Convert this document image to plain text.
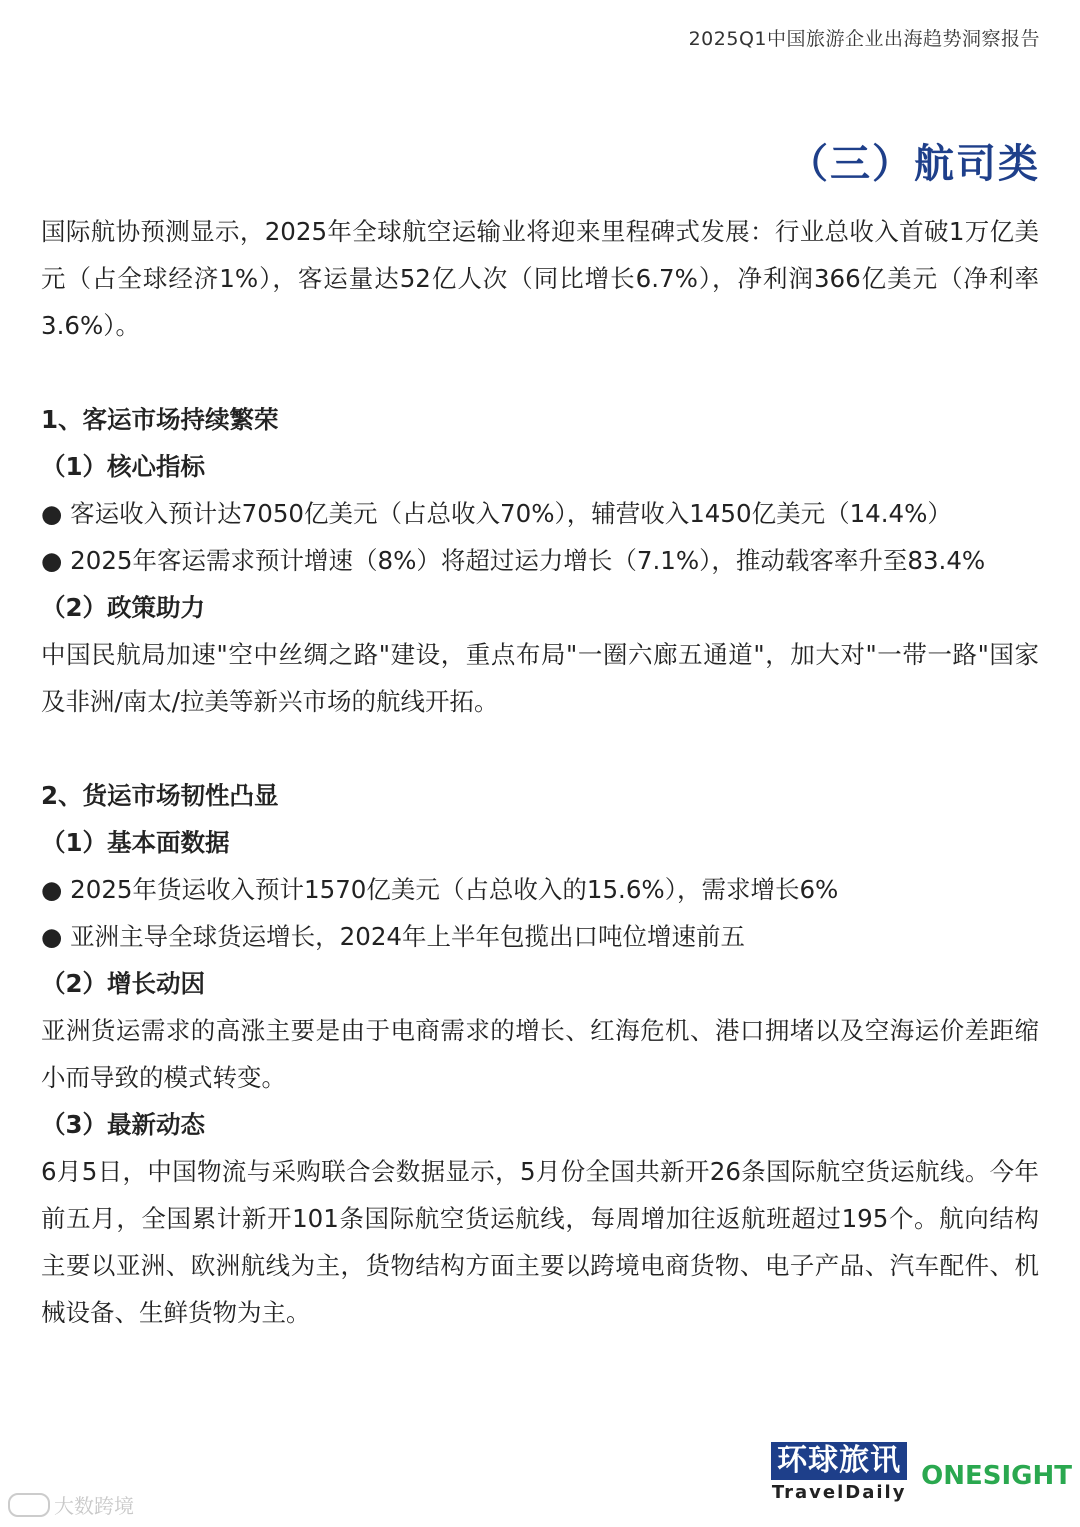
2025Q1中国旅游企业出海趋势洞察报告
（三）航司类

国际航协预测显示，2025年全球航空运输业将迎来里程碑式发展：行业总收入首破1万亿美元（占全球经济1%），客运量达52亿人次（同比增长6.7%），净利润366亿美元（净利率3.6%）。

1、客运市场持续繁荣

（1）核心指标

● 客运收入预计达7050亿美元（占总收入70%），辅营收入1450亿美元（14.4%）

● 2025年客运需求预计增速（8%）将超过运力增长（7.1%），推动载客率升至83.4%

（2）政策助力

中国民航局加速"空中丝绸之路"建设，重点布局"一圈六廊五通道"，加大对"一带一路"国家及非洲/南太/拉美等新兴市场的航线开拓。

2、货运市场韧性凸显

（1）基本面数据

● 2025年货运收入预计1570亿美元（占总收入的15.6%），需求增长6%

● 亚洲主导全球货运增长，2024年上半年包揽出口吨位增速前五

（2）增长动因

亚洲货运需求的高涨主要是由于电商需求的增长、红海危机、港口拥堵以及空海运价差距缩小而导致的模式转变。

（3）最新动态

6月5日，中国物流与采购联合会数据显示，5月份全国共新开26条国际航空货运航线。今年前五月，全国累计新开101条国际航空货运航线，每周增加往返航班超过195个。航向结构主要以亚洲、欧洲航线为主，货物结构方面主要以跨境电商货物、电子产品、汽车配件、机械设备、生鲜货物为主。

环球旅讯
TravelDaily
ONESIGHT
大数跨境
